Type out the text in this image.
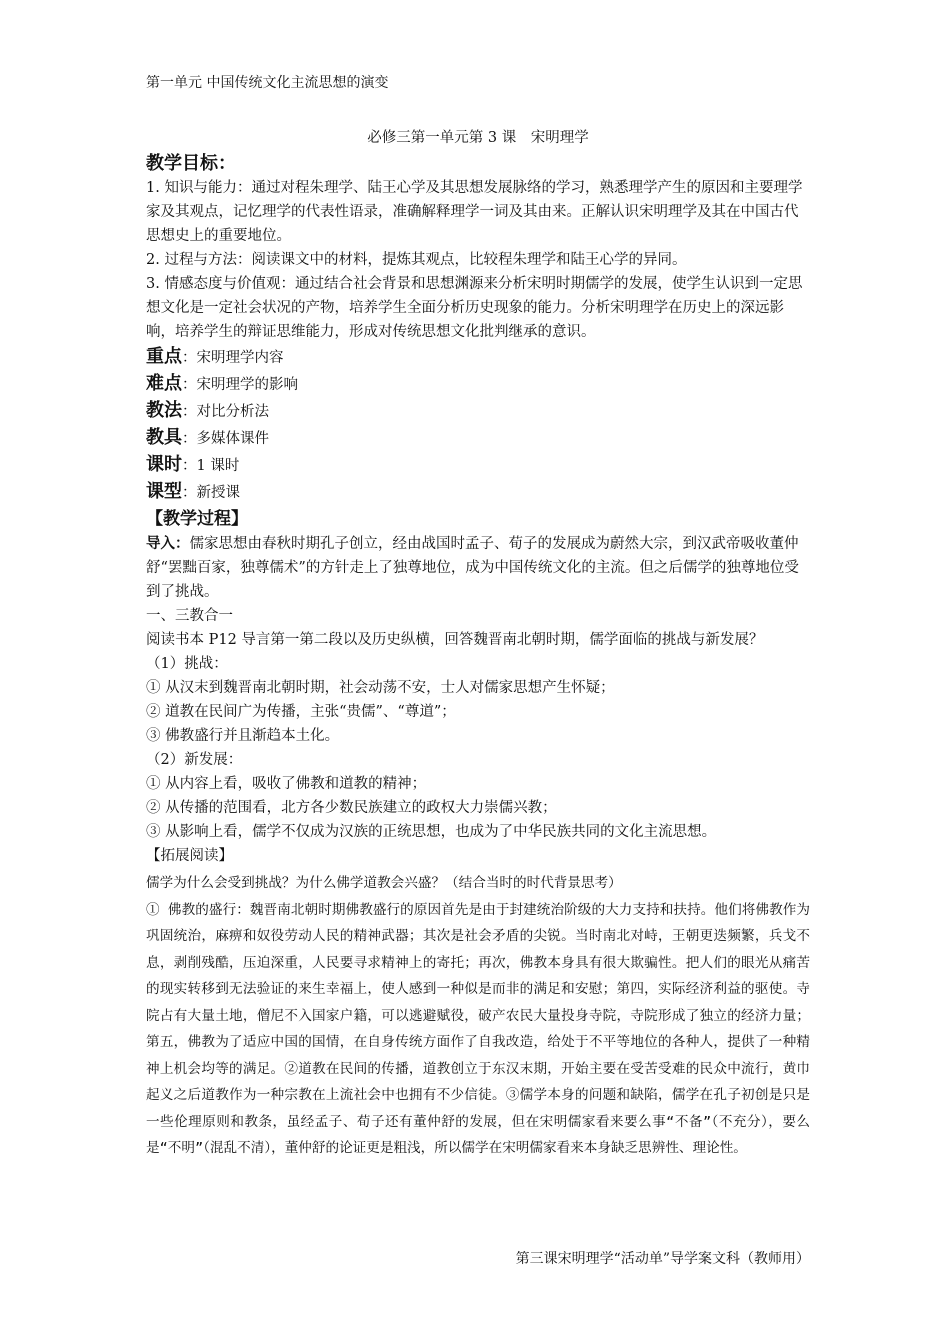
第一单元 中国传统文化主流思想的演变
必修三第一单元第 3 课　宋明理学
教学目标：

1. 知识与能力：通过对程朱理学、陆王心学及其思想发展脉络的学习，熟悉理学产生的原因和主要理学家及其观点，记忆理学的代表性语录，准确解释理学一词及其由来。正解认识宋明理学及其在中国古代思想史上的重要地位。

2. 过程与方法：阅读课文中的材料，提炼其观点，比较程朱理学和陆王心学的异同。

3. 情感态度与价值观：通过结合社会背景和思想渊源来分析宋明时期儒学的发展，使学生认识到一定思想文化是一定社会状况的产物，培养学生全面分析历史现象的能力。分析宋明理学在历史上的深远影响，培养学生的辩证思维能力，形成对传统思想文化批判继承的意识。

重点：宋明理学内容

难点：宋明理学的影响

教法：对比分析法

教具：多媒体课件

课时：1 课时

课型：新授课

【教学过程】

导入：儒家思想由春秋时期孔子创立，经由战国时孟子、荀子的发展成为蔚然大宗，到汉武帝吸收董仲舒“罢黜百家，独尊儒术”的方针走上了独尊地位，成为中国传统文化的主流。但之后儒学的独尊地位受到了挑战。

一、三教合一

阅读书本 P12 导言第一第二段以及历史纵横，回答魏晋南北朝时期，儒学面临的挑战与新发展？

（1）挑战：

① 从汉末到魏晋南北朝时期，社会动荡不安，士人对儒家思想产生怀疑；

② 道教在民间广为传播，主张“贵儒”、“尊道”；

③ 佛教盛行并且渐趋本土化。

（2）新发展：

① 从内容上看，吸收了佛教和道教的精神；

② 从传播的范围看，北方各少数民族建立的政权大力崇儒兴教；

③ 从影响上看，儒学不仅成为汉族的正统思想，也成为了中华民族共同的文化主流思想。

【拓展阅读】

儒学为什么会受到挑战？为什么佛学道教会兴盛？（结合当时的时代背景思考）

① 佛教的盛行：魏晋南北朝时期佛教盛行的原因首先是由于封建统治阶级的大力支持和扶持。他们将佛教作为巩固统治，麻痹和奴役劳动人民的精神武器；其次是社会矛盾的尖锐。当时南北对峙，王朝更迭频繁，兵戈不息，剥削残酷，压迫深重，人民要寻求精神上的寄托；再次，佛教本身具有很大欺骗性。把人们的眼光从痛苦的现实转移到无法验证的来生幸福上，使人感到一种似是而非的满足和安慰；第四，实际经济利益的驱使。寺院占有大量土地，僧尼不入国家户籍，可以逃避赋役，破产农民大量投身寺院，寺院形成了独立的经济力量；第五，佛教为了适应中国的国情，在自身传统方面作了自我改造，给处于不平等地位的各种人，提供了一种精神上机会均等的满足。②道教在民间的传播，道教创立于东汉末期，开始主要在受苦受难的民众中流行，黄巾起义之后道教作为一种宗教在上流社会中也拥有不少信徒。③儒学本身的问题和缺陷，儒学在孔子初创是只是一些伦理原则和教条，虽经孟子、荀子还有董仲舒的发展，但在宋明儒家看来要么事“不备”（不充分），要么是“不明”（混乱不清），董仲舒的论证更是粗浅，所以儒学在宋明儒家看来本身缺乏思辨性、理论性。

第三课宋明理学“活动单”导学案文科（教师用）
